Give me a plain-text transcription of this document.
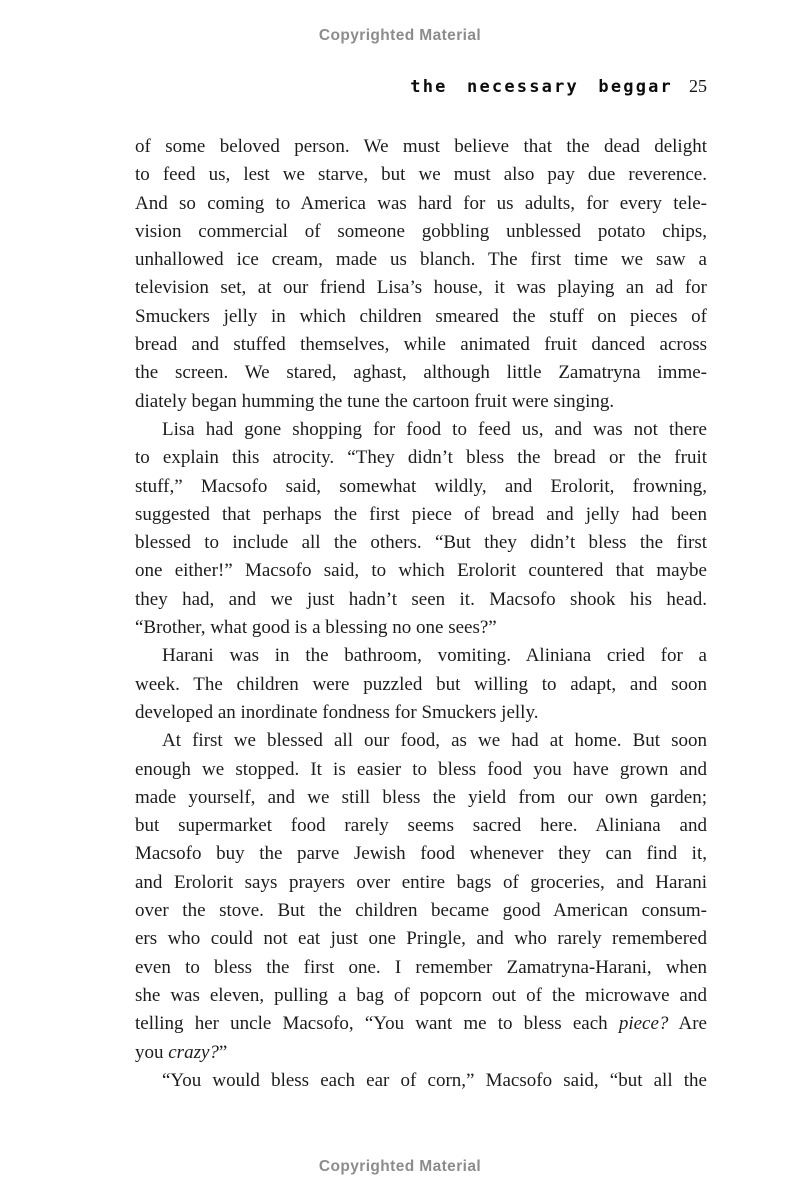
Copyrighted Material
the necessary beggar 25
of some beloved person. We must believe that the dead delight
to feed us, lest we starve, but we must also pay due reverence.
And so coming to America was hard for us adults, for every tele-
vision commercial of someone gobbling unblessed potato chips,
unhallowed ice cream, made us blanch. The first time we saw a
television set, at our friend Lisa’s house, it was playing an ad for
Smuckers jelly in which children smeared the stuff on pieces of
bread and stuffed themselves, while animated fruit danced across
the screen. We stared, aghast, although little Zamatryna imme-
diately began humming the tune the cartoon fruit were singing.
Lisa had gone shopping for food to feed us, and was not there
to explain this atrocity. “They didn’t bless the bread or the fruit
stuff,” Macsofo said, somewhat wildly, and Erolorit, frowning,
suggested that perhaps the first piece of bread and jelly had been
blessed to include all the others. “But they didn’t bless the first
one either!” Macsofo said, to which Erolorit countered that maybe
they had, and we just hadn’t seen it. Macsofo shook his head.
“Brother, what good is a blessing no one sees?”
Harani was in the bathroom, vomiting. Aliniana cried for a
week. The children were puzzled but willing to adapt, and soon
developed an inordinate fondness for Smuckers jelly.
At first we blessed all our food, as we had at home. But soon
enough we stopped. It is easier to bless food you have grown and
made yourself, and we still bless the yield from our own garden;
but supermarket food rarely seems sacred here. Aliniana and
Macsofo buy the parve Jewish food whenever they can find it,
and Erolorit says prayers over entire bags of groceries, and Harani
over the stove. But the children became good American consum-
ers who could not eat just one Pringle, and who rarely remembered
even to bless the first one. I remember Zamatryna-Harani, when
she was eleven, pulling a bag of popcorn out of the microwave and
telling her uncle Macsofo, “You want me to bless each piece? Are
you crazy?”
“You would bless each ear of corn,” Macsofo said, “but all the
Copyrighted Material
